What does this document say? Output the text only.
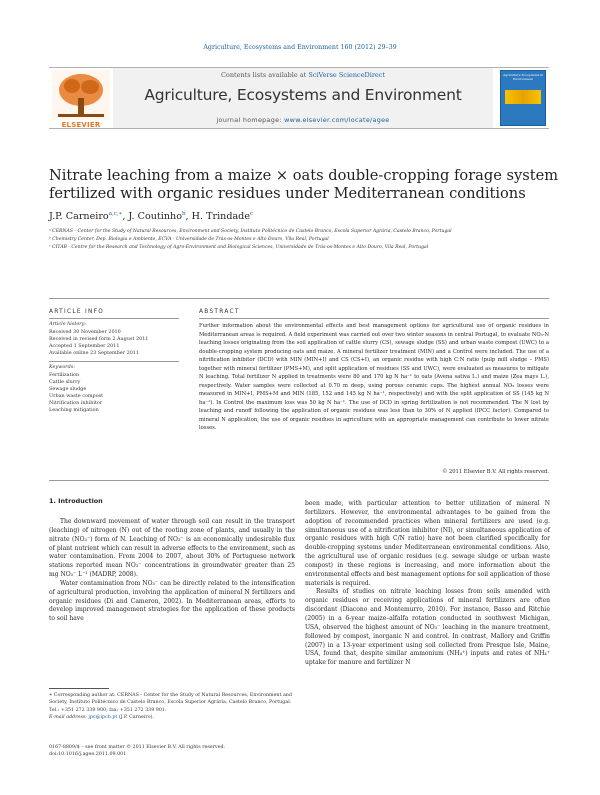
Agriculture, Ecosystems and Environment 160 (2012) 29–39
ELSEVIER
Contents lists available at SciVerse ScienceDirect
Agriculture, Ecosystems and Environment
journal homepage: www.elsevier.com/locate/agee
Agriculture Ecosystems & Environment
Nitrate leaching from a maize × oats double-cropping forage system fertilized with organic residues under Mediterranean conditions
J.P. Carneiro$^{a,c,∗}$, J. Coutinho$^b$, H. Trindade$^c$
ᵃ CERNAS - Center for the Study of Natural Resources, Environment and Society, Instituto Politécnico de Castelo Branco, Escola Superior Agrária, Castelo Branco, Portugal
ᵇ Chemistry Center, Dep. Biologia e Ambiente, ECVA - Universidade de Trás-os-Montes e Alto Douro, Vila Real, Portugal
ᶜ CITAB - Centre for the Research and Technology of Agro-Environment and Biological Sciences, Universidade de Trás-os-Montes e Alto Douro, Vila Real, Portugal
ARTICLE INFO
Article history:
Received 30 November 2010
Received in revised form 2 August 2011
Accepted 1 September 2011
Available online 23 September 2011
Keywords:
Fertilization
Cattle slurry
Sewage sludge
Urban waste compost
Nitrification inhibitor
Leaching mitigation
ABSTRACT
Further information about the environmental effects and best management options for agricultural use of organic residues in Mediterranean areas is required. A field experiment was carried out over two winter seasons in central Portugal, to evaluate NO₃-N leaching losses originating from the soil application of cattle slurry (CS), sewage sludge (SS) and urban waste compost (UWC) to a double-cropping system producing oats and maize. A mineral fertilizer treatment (MIN) and a Control were included. The use of a nitrification inhibitor (DCD) with MIN (MIN+I) and CS (CS+I), an organic residue with high C:N ratio (pulp mill sludge – PMS) together with mineral fertilizer (PMS+M), and split application of residues (SS and UWC), were evaluated as measures to mitigate N leaching. Total fertilizer N applied in treatments were 80 and 170 kg N ha⁻¹ to oats (Avena sativa L.) and maize (Zea mays L.), respectively. Water samples were collected at 0.70 m deep, using porous ceramic cups. The highest annual NO₃ losses were measured in MIN+I, PMS+M and MIN (185, 152 and 145 kg N ha⁻¹, respectively) and with the split application of SS (145 kg N ha⁻¹). In Control the maximum loss was 50 kg N ha⁻¹. The use of DCD in spring fertilization is not recommended. The N lost by leaching and runoff following the application of organic residues was less than to 30% of N applied (IPCC factor). Compared to mineral N application, the use of organic residues in agriculture with an appropriate management can contribute to lower nitrate losses.
© 2011 Elsevier B.V. All rights reserved.
1. Introduction

The downward movement of water through soil can result in the transport (leaching) of nitrogen (N) out of the rooting zone of plants, and usually in the nitrate (NO₃⁻) form of N. Leaching of NO₃⁻ is an economically undesirable flux of plant nutrient which can result in adverse effects to the environment, such as water contamination. From 2004 to 2007, about 30% of Portuguese network stations reported mean NO₃⁻ concentrations in groundwater greater than 25 mg NO₃⁻ L⁻¹ (MADRP, 2008).

Water contamination from NO₃⁻ can be directly related to the intensification of agricultural production, involving the application of mineral N fertilizers and organic residues (Di and Cameron, 2002). In Mediterranean areas, efforts to develop improved management strategies for the application of these products to soil have

been made, with particular attention to better utilization of mineral N fertilizers. However, the environmental advantages to be gained from the adoption of recommended practices when mineral fertilizers are used (e.g. simultaneous use of a nitrification inhibitor (NI), or simultaneous application of organic residues with high C/N ratio) have not been clarified specifically for double-cropping systems under Mediterranean environmental conditions. Also, the agricultural use of organic residues (e.g. sewage sludge or urban waste compost) in these regions is increasing, and more information about the environmental effects and best management options for soil application of those materials is required.

Results of studies on nitrate leaching losses from soils amended with organic residues or receiving applications of mineral fertilizers are often discordant (Diacono and Montemurro, 2010). For instance, Basso and Ritchie (2005) in a 6-year maize–alfalfa rotation conducted in southwest Michigan, USA, observed the highest amount of NO₃⁻ leaching in the manure treatment, followed by compost, inorganic N and control. In contrast, Mallory and Griffin (2007) in a 13-year experiment using soil collected from Presque Isle, Maine, USA, found that, despite similar ammonium (NH₄⁺) inputs and rates of NH₄⁺ uptake for manure and fertilizer N

∗ Corresponding author at: CERNAS - Center for the Study of Natural Resources, Environment and Society, Instituto Politécnico de Castelo Branco, Escola Superior Agrária, Castelo Branco, Portugal. Tel.: +351 272 339 900; fax: +351 272 339 901.
E-mail address: jpc@ipcb.pt (J.P. Carneiro).
0167-8809/$ – see front matter © 2011 Elsevier B.V. All rights reserved.
doi:10.1016/j.agee.2011.09.001
